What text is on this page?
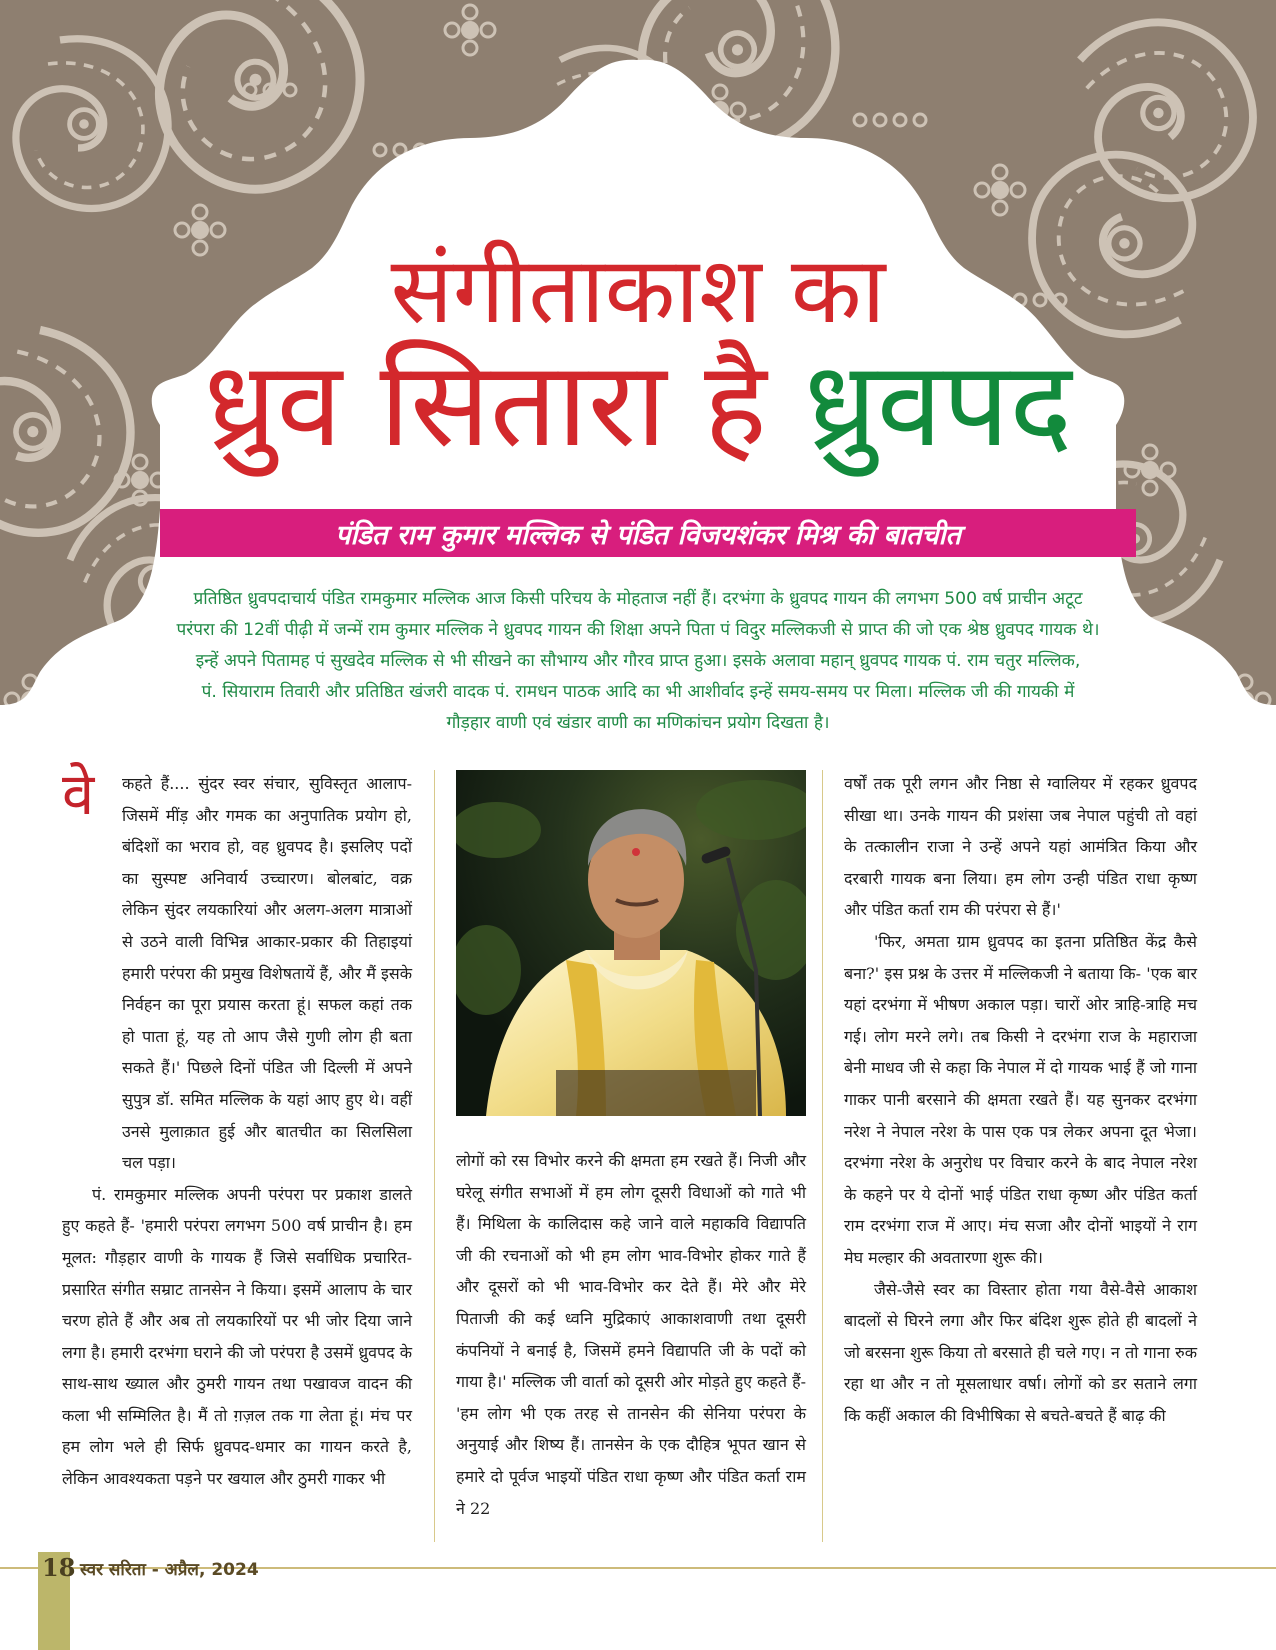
संगीताकाश का
ध्रुव सितारा है ध्रुवपद
पंडित राम कुमार मल्लिक से पंडित विजयशंकर मिश्र की बातचीत

प्रतिष्ठित ध्रुवपदाचार्य पंडित रामकुमार मल्लिक आज किसी परिचय के मोहताज नहीं हैं। दरभंगा के ध्रुवपद गायन की लगभग 500 वर्ष प्राचीन अटूट

परंपरा की 12वीं पीढ़ी में जन्में राम कुमार मल्लिक ने ध्रुवपद गायन की शिक्षा अपने पिता पं विदुर मल्लिकजी से प्राप्त की जो एक श्रेष्ठ ध्रुवपद गायक थे।

इन्हें अपने पितामह पं सुखदेव मल्लिक से भी सीखने का सौभाग्य और गौरव प्राप्त हुआ। इसके अलावा महान् ध्रुवपद गायक पं. राम चतुर मल्लिक,

पं. सियाराम तिवारी और प्रतिष्ठित खंजरी वादक पं. रामधन पाठक आदि का भी आशीर्वाद इन्हें समय-समय पर मिला। मल्लिक जी की गायकी में

गौड़हार वाणी एवं खंडार वाणी का मणिकांचन प्रयोग दिखता है।

वे	कहते हैं.... सुंदर स्वर संचार, सुविस्तृत आलाप- जिसमें मींड़ और गमक का अनुपातिक प्रयोग हो, बंदिशों का भराव हो, वह ध्रुवपद है। इसलिए पदों का सुस्पष्ट अनिवार्य उच्चारण। बोलबांट, वक्र लेकिन सुंदर लयकारियां और अलग-अलग मात्राओं से उठने वाली विभिन्न आकार-प्रकार की तिहाइयां हमारी परंपरा की प्रमुख विशेषतायें हैं, और मैं इसके निर्वहन का पूरा प्रयास करता हूं। सफल कहां तक हो पाता हूं, यह तो आप जैसे गुणी लोग ही बता सकते हैं।' पिछले दिनों पंडित जी दिल्ली में अपने सुपुत्र डॉ. समित मल्लिक के यहां आए हुए थे। वहीं उनसे मुलाक़ात हुई और बातचीत का सिलसिला चल पड़ा।

पं. रामकुमार मल्लिक अपनी परंपरा पर प्रकाश डालते हुए कहते हैं- 'हमारी परंपरा लगभग 500 वर्ष प्राचीन है। हम मूलत: गौड़हार वाणी के गायक हैं जिसे सर्वाधिक प्रचारित-प्रसारित संगीत सम्राट तानसेन ने किया। इसमें आलाप के चार चरण होते हैं और अब तो लयकारियों पर भी जोर दिया जाने लगा है। हमारी दरभंगा घराने की जो परंपरा है उसमें ध्रुवपद के साथ-साथ ख्याल और ठुमरी गायन तथा पखावज वादन की कला भी सम्मिलित है। मैं तो ग़ज़ल तक गा लेता हूं। मंच पर हम लोग भले ही सिर्फ ध्रुवपद-धमार का गायन करते है, लेकिन आवश्यकता पड़ने पर खयाल और ठुमरी गाकर भी

लोगों को रस विभोर करने की क्षमता हम रखते हैं। निजी और घरेलू संगीत सभाओं में हम लोग दूसरी विधाओं को गाते भी हैं। मिथिला के कालिदास कहे जाने वाले महाकवि विद्यापति जी की रचनाओं को भी हम लोग भाव-विभोर होकर गाते हैं और दूसरों को भी भाव-विभोर कर देते हैं। मेरे और मेरे पिताजी की कई ध्वनि मुद्रिकाएं आकाशवाणी तथा दूसरी कंपनियों ने बनाई है, जिसमें हमने विद्यापति जी के पदों को गाया है।' मल्लिक जी वार्ता को दूसरी ओर मोड़ते हुए कहते हैं- 'हम लोग भी एक तरह से तानसेन की सेनिया परंपरा के अनुयाई और शिष्य हैं। तानसेन के एक दौहित्र भूपत खान से हमारे दो पूर्वज भाइयों पंडित राधा कृष्ण और पंडित कर्ता राम ने 22

वर्षों तक पूरी लगन और निष्ठा से ग्वालियर में रहकर ध्रुवपद सीखा था। उनके गायन की प्रशंसा जब नेपाल पहुंची तो वहां के तत्कालीन राजा ने उन्हें अपने यहां आमंत्रित किया और दरबारी गायक बना लिया। हम लोग उन्ही पंडित राधा कृष्ण और पंडित कर्ता राम की परंपरा से हैं।'

'फिर, अमता ग्राम ध्रुवपद का इतना प्रतिष्ठित केंद्र कैसे बना?' इस प्रश्न के उत्तर में मल्लिकजी ने बताया कि- 'एक बार यहां दरभंगा में भीषण अकाल पड़ा। चारों ओर त्राहि-त्राहि मच गई। लोग मरने लगे। तब किसी ने दरभंगा राज के महाराजा बेनी माधव जी से कहा कि नेपाल में दो गायक भाई हैं जो गाना गाकर पानी बरसाने की क्षमता रखते हैं। यह सुनकर दरभंगा नरेश ने नेपाल नरेश के पास एक पत्र लेकर अपना दूत भेजा। दरभंगा नरेश के अनुरोध पर विचार करने के बाद नेपाल नरेश के कहने पर ये दोनों भाई पंडित राधा कृष्ण और पंडित कर्ता राम दरभंगा राज में आए। मंच सजा और दोनों भाइयों ने राग मेघ मल्हार की अवतारणा शुरू की।

जैसे-जैसे स्वर का विस्तार होता गया वैसे-वैसे आकाश बादलों से घिरने लगा और फिर बंदिश शुरू होते ही बादलों ने जो बरसना शुरू किया तो बरसाते ही चले गए। न तो गाना रुक रहा था और न तो मूसलाधार वर्षा। लोगों को डर सताने लगा कि कहीं अकाल की विभीषिका से बचते-बचते हैं बाढ़ की

18 स्वर सरिता - अप्रैल, 2024
